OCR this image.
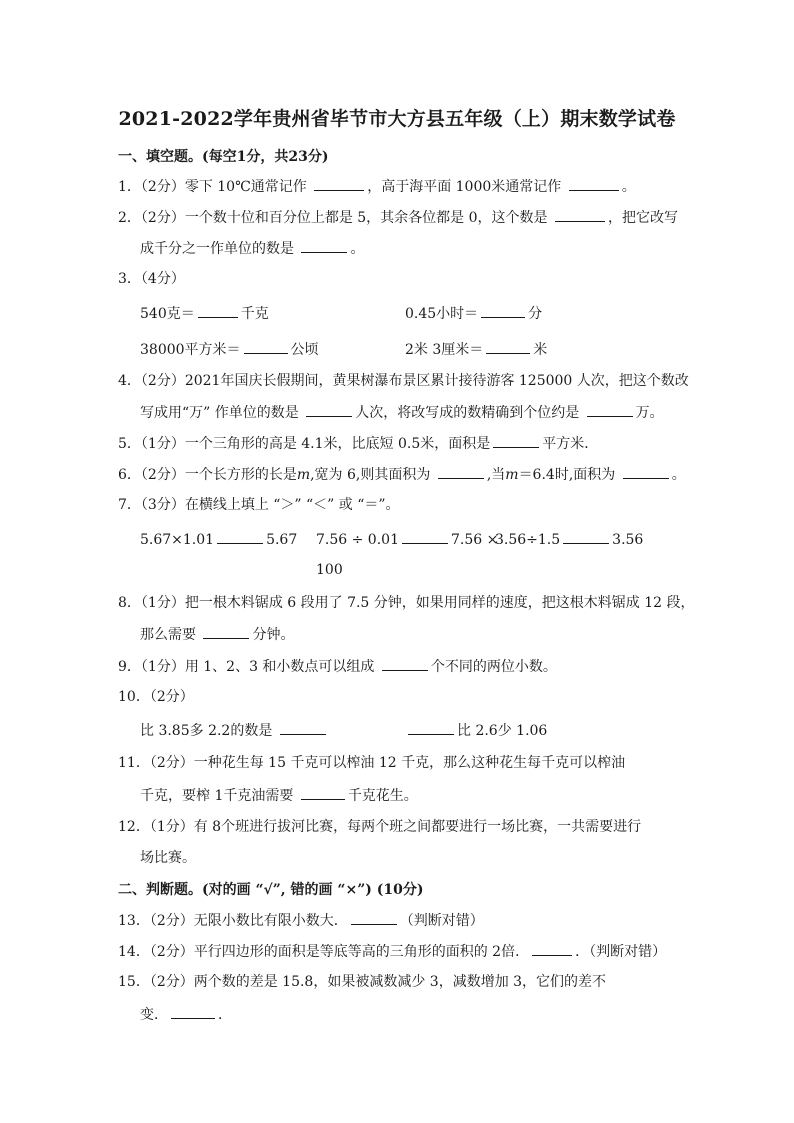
2021-2022学年贵州省毕节市大方县五年级（上）期末数学试卷
一、填空题。(每空1分，共23分)
1．（2分）零下 10℃通常记作	，高于海平面 1000米通常记作	。
2．（2分）一个数十位和百分位上都是 5，其余各位都是 0，这个数是	，把它改写
成千分之一作单位的数是	。
3．（4分）
540克＝	千克	0.45小时＝	分
38000平方米＝	公顷	2米 3厘米＝	米
4．（2分）2021年国庆长假期间，黄果树瀑布景区累计接待游客 125000 人次，把这个数改
写成用“万” 作单位的数是	人次，将改写成的数精确到个位约是	万。
5．（1分）一个三角形的高是 4.1米，比底短 0.5米，面积是	平方米．
6．（2分）一个长方形的长是m,宽为 6,则其面积为	,当m＝6.4时,面积为	。
7．（3分）在横线上填上 “＞” “＜” 或 “＝”。
5.67×1.01	5.67 7.56 ÷ 0.01	7.56 ×
3.56÷1.5	3.56
100
8．（1分）把一根木料锯成 6 段用了 7.5 分钟，如果用同样的速度，把这根木料锯成 12 段，
那么需要	分钟。
9．（1分）用 1、2、3 和小数点可以组成	个不同的两位小数。
10．（2分）
比 3.85多 2.2的数是	比 2.6少 1.06
11．（2分）一种花生每 15 千克可以榨油 12 千克，那么这种花生每千克可以榨油
千克，要榨 1千克油需要	千克花生。
12．（1分）有 8个班进行拔河比赛，每两个班之间都要进行一场比赛，一共需要进行
场比赛。
二、判断题。(对的画 “√”, 错的画 “×”) (10分)
13．（2分）无限小数比有限小数大．	（判断对错）
14．（2分）平行四边形的面积是等底等高的三角形的面积的 2倍．	．（判断对错）
15．（2分）两个数的差是 15.8，如果被减数减少 3，减数增加 3，它们的差不
变．	．
